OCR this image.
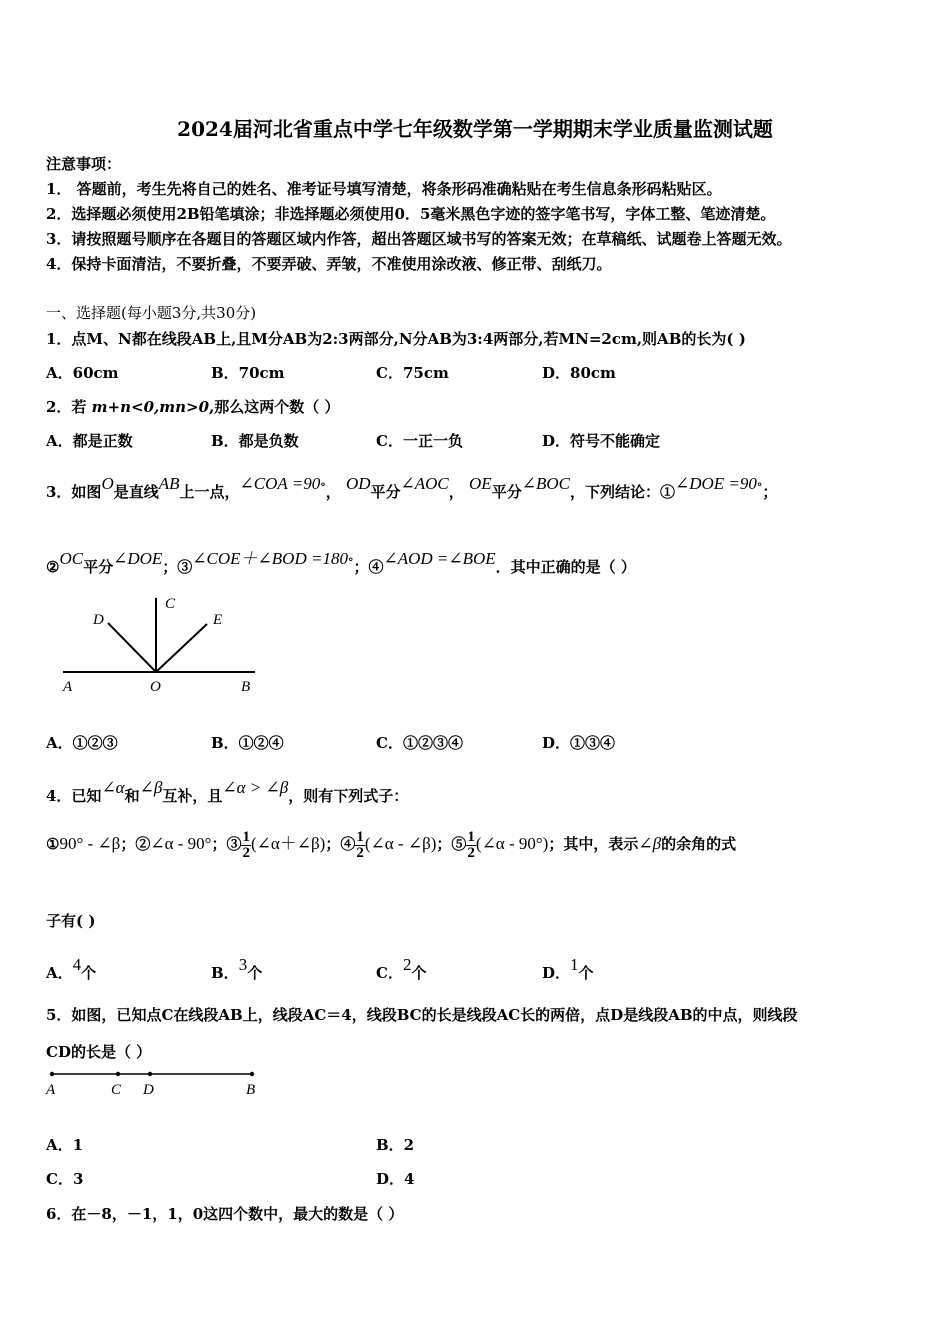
2024届河北省重点中学七年级数学第一学期期末学业质量监测试题
注意事项：
1． 答题前，考生先将自己的姓名、准考证号填写清楚，将条形码准确粘贴在考生信息条形码粘贴区。
2．选择题必须使用2B铅笔填涂；非选择题必须使用0．5毫米黑色字迹的签字笔书写，字体工整、笔迹清楚。
3．请按照题号顺序在各题目的答题区域内作答，超出答题区域书写的答案无效；在草稿纸、试题卷上答题无效。
4．保持卡面清洁，不要折叠，不要弄破、弄皱，不准使用涂改液、修正带、刮纸刀。
一、选择题(每小题3分,共30分)
1．点M、N都在线段AB上,且M分AB为2:3两部分,N分AB为3:4两部分,若MN=2cm,则AB的长为( )
A．60cm	B．70cm	C．75cm	D．80cm
2．若 m+n<0,mn>0,那么这两个数（ ）
A．都是正数	B．都是负数	C．一正一负	D．符号不能确定
3．如图O是直线AB上一点，∠COA =90°， OD平分∠AOC， OE平分∠BOC，下列结论：①∠DOE =90°；
②OC平分∠DOE；③∠COE＋∠BOD =180°；④∠AOD =∠BOE．其中正确的是（ ）
D
C
E
A	O	B
A．①②③	B．①②④	C．①②③④	D．①③④
4．已知∠α和∠β互补，且∠α > ∠β，则有下列式子：
①90° - ∠β；②∠α - 90°；③ $\frac{1}{2}$ (∠α＋∠β)；④ $\frac{1}{2}$ (∠α - ∠β)；⑤ $\frac{1}{2}$ (∠α - 90°)；其中，表示∠β的余角的式
子有( )
A．4个	B．3个	C．2个	D．1个
5．如图，已知点C在线段AB上，线段AC＝4，线段BC的长是线段AC长的两倍，点D是线段AB的中点，则线段
CD的长是（ ）
A	C D	B
A．1	B．2
C．3	D．4
6．在－8，－1，1，0这四个数中，最大的数是（ ）
